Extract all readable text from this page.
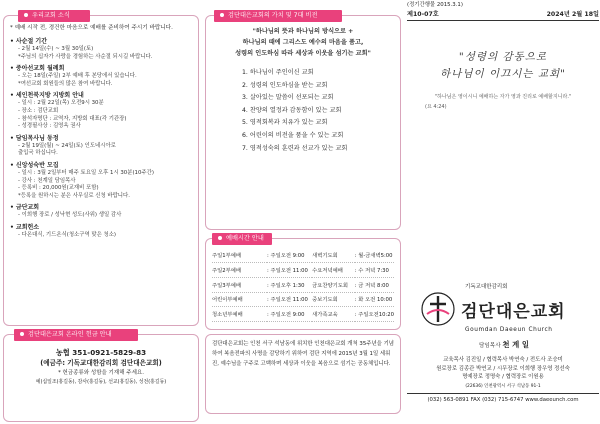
우리교회 소식
* 예배 시작 전, 경건한 마음으로 예배를 준비하여 주시기 바랍니다.
• 사순절 기간
- 2월 14일(수) ~ 3월 30일(토)
*주님의 십자가 사랑을 경험하는 사순절 되시길 바랍니다.
• 중아선교회 월례회
- 오는 18일(주일) 2부 예배 후 본당에서 있습니다.
*여선교회 회원들의 많은 참여 바랍니다.
• 세인천북지방 지방회 안내
- 일시 : 2월 22일(목) 오전9시 30분
- 장소 : 검단교회
- 참석자명단 : 교역자, 지방회 대표(각 기관장)
- 성경필사상 : 김영옥 권사
• 담임목사님 동정
- 2월 19일(월) ~ 24일(토) 인도네시아로
출입국 하십니다.
• 신앙성숙반 모집
- 일시 : 3월 2일부터 매주 토요일 오후 1시 30분(10주간)
- 강사 : 천계일 담임목사
- 등록비 : 20,000원(교재비 포함)
*등록을 원하시는 분은 사무실로 신청 바랍니다.
• 금단교회
- 이희행 장로 / 성낙현 성도(사위) 생일 감사
• 교회헌소
- 다온대식, 기드온식(청소구역 맞은 청소)
검단대은교회 온라인 헌금 안내
농협 351-0921-5829-83
(예금주: 기독교대한감리회 검단대은교회)
* 헌금종류와 성함을 기재해 주세요.
예)십일조(홍길동), 감사(홍길동), 선교(홍길동), 성전(홍길동)
검단대은교회의 가치 및 7대 비전
"하나님의 뜻과 하나님의 방식으로 +
하나님의 때에 그리스도 예수의 마음을 품고,
성령의 인도하심 따라 세상과 이웃을 섬기는 교회"
1. 하나님이 주인이신 교회
2. 성령의 인도하심을 받는 교회
3. 살아있는 말씀이 선포되는 교회
4. 찬양의 열정과 감동함이 있는 교회
5. 영적회복과 치유가 있는 교회
6. 어린이의 비전을 품을 수 있는 교회
7. 영적성숙의 훈련과 선교가 있는 교회
예배시간 안내
주일1부예배	: 주일오전 9:00	새벽기도회	: 월-금새벽5:00
주일2부예배	: 주일오전 11:00	수요저녁예배	: 수 저녁 7:30
주일3부예배	: 주일오후 1:30	금요찬양기도회	: 금 저녁 8:00
어린이부예배	: 주일오전 11:00	중보기도회	: 화 오전 10:00
청소년부예배	: 주일오전 9:00	새가족교육	: 주일오전10:20
검단대은교회는 인천 서구 석남동에 위치한 인천대은교회 개척 35주년을 기념하여 복음전파의 사명을 감당하기 위하여 검단 지역에 2015년 3월 1일 세워진, 예수님을 구주로 고백하며 세상과 이웃을 복음으로 섬기는 공동체입니다.
(정기간행물 2015.3.1)
제10-07호	2024년 2월 18일
"성령의 감동으로
하나님이 이끄시는 교회"
"하나님은 영이시니 예배하는 자가 영과 진리로 예배할지니라."
(요 4:24)
기독교대한감리회
검단대은교회
Goumdan Daeeun Church
담임목사 천 계 일
교육목사 김진일 / 협력목사 박연숙 / 전도사 조승미
원로장로 김종관 박연교 / 시무장로 이희행 장우영 정선숙
명예장로 정명숙 / 협력장로 이원용
(22636) 인천광역시 서구 석남동 91-1
(032) 563-0891 FAX (032) 715-6747 www.daeeunch.com
